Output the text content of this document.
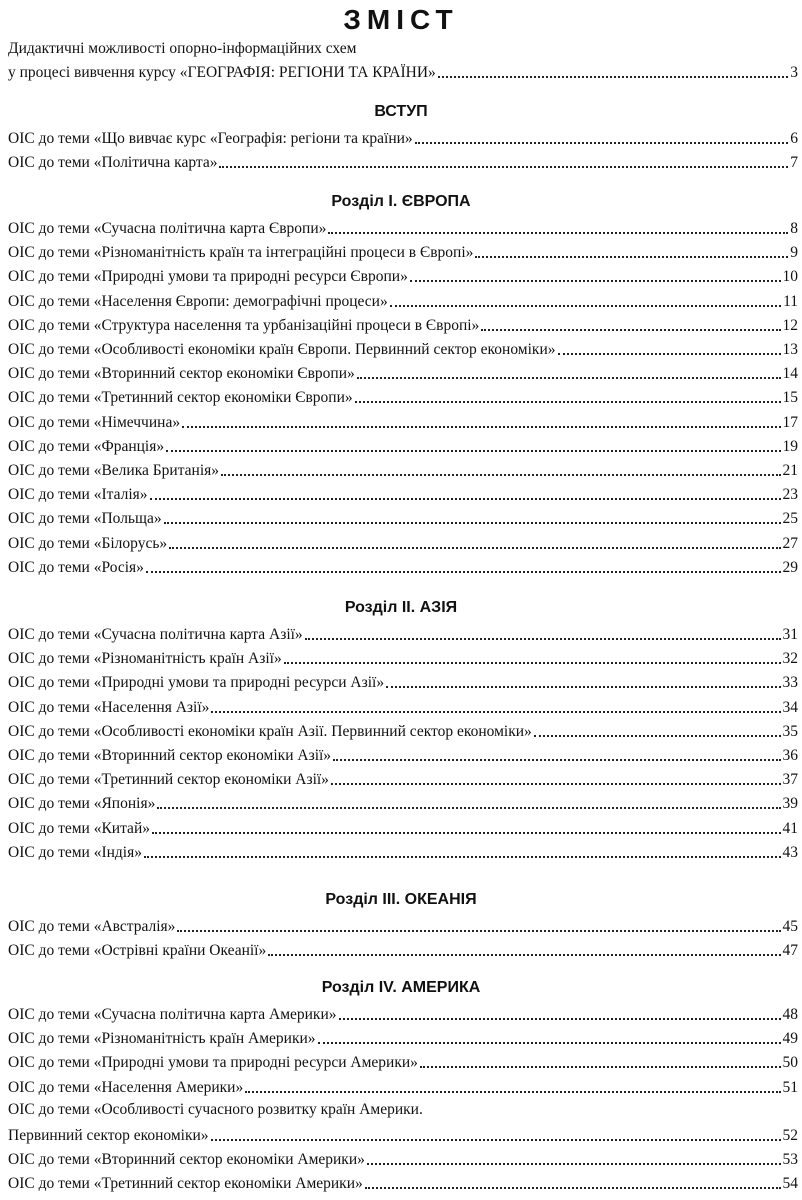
ЗМІСТ
Дидактичні можливості опорно-інформаційних схем
у процесі вивчення курсу «ГЕОГРАФІЯ: РЕГІОНИ ТА КРАЇНИ»	3
ВСТУП
ОІС до теми «Що вивчає курс «Географія: регіони та країни»	6
ОІС до теми «Політична карта»	7
Розділ І. ЄВРОПА
ОІС до теми «Сучасна політична карта Європи»	8
ОІС до теми «Різноманітність країн та інтеграційні процеси в Європі»	9
ОІС до теми «Природні умови та природні ресурси Європи»	10
ОІС до теми «Населення Європи: демографічні процеси»	11
ОІС до теми «Структура населення та урбанізаційні процеси в Європі»	12
ОІС до теми «Особливості економіки країн Європи. Первинний сектор економіки»	13
ОІС до теми «Вторинний сектор економіки Європи»	14
ОІС до теми «Третинний сектор економіки Європи»	15
ОІС до теми «Німеччина»	17
ОІС до теми «Франція»	19
ОІС до теми «Велика Британія»	21
ОІС до теми «Італія»	23
ОІС до теми «Польща»	25
ОІС до теми «Білорусь»	27
ОІС до теми «Росія»	29
Розділ ІІ. АЗІЯ
ОІС до теми «Сучасна політична карта Азії»	31
ОІС до теми «Різноманітність країн Азії»	32
ОІС до теми «Природні умови та природні ресурси Азії»	33
ОІС до теми «Населення Азії»	34
ОІС до теми «Особливості економіки країн Азії. Первинний сектор економіки»	35
ОІС до теми «Вторинний сектор економіки Азії»	36
ОІС до теми «Третинний сектор економіки Азії»	37
ОІС до теми «Японія»	39
ОІС до теми «Китай»	41
ОІС до теми «Індія»	43
Розділ ІІІ. ОКЕАНІЯ
ОІС до теми «Австралія»	45
ОІС до теми «Острівні країни Океанії»	47
Розділ ІV. АМЕРИКА
ОІС до теми «Сучасна політична карта Америки»	48
ОІС до теми «Різноманітність країн Америки»	49
ОІС до теми «Природні умови та природні ресурси Америки»	50
ОІС до теми «Населення Америки»	51
ОІС до теми «Особливості сучасного розвитку країн Америки.
Первинний сектор економіки»	52
ОІС до теми «Вторинний сектор економіки Америки»	53
ОІС до теми «Третинний сектор економіки Америки»	54
